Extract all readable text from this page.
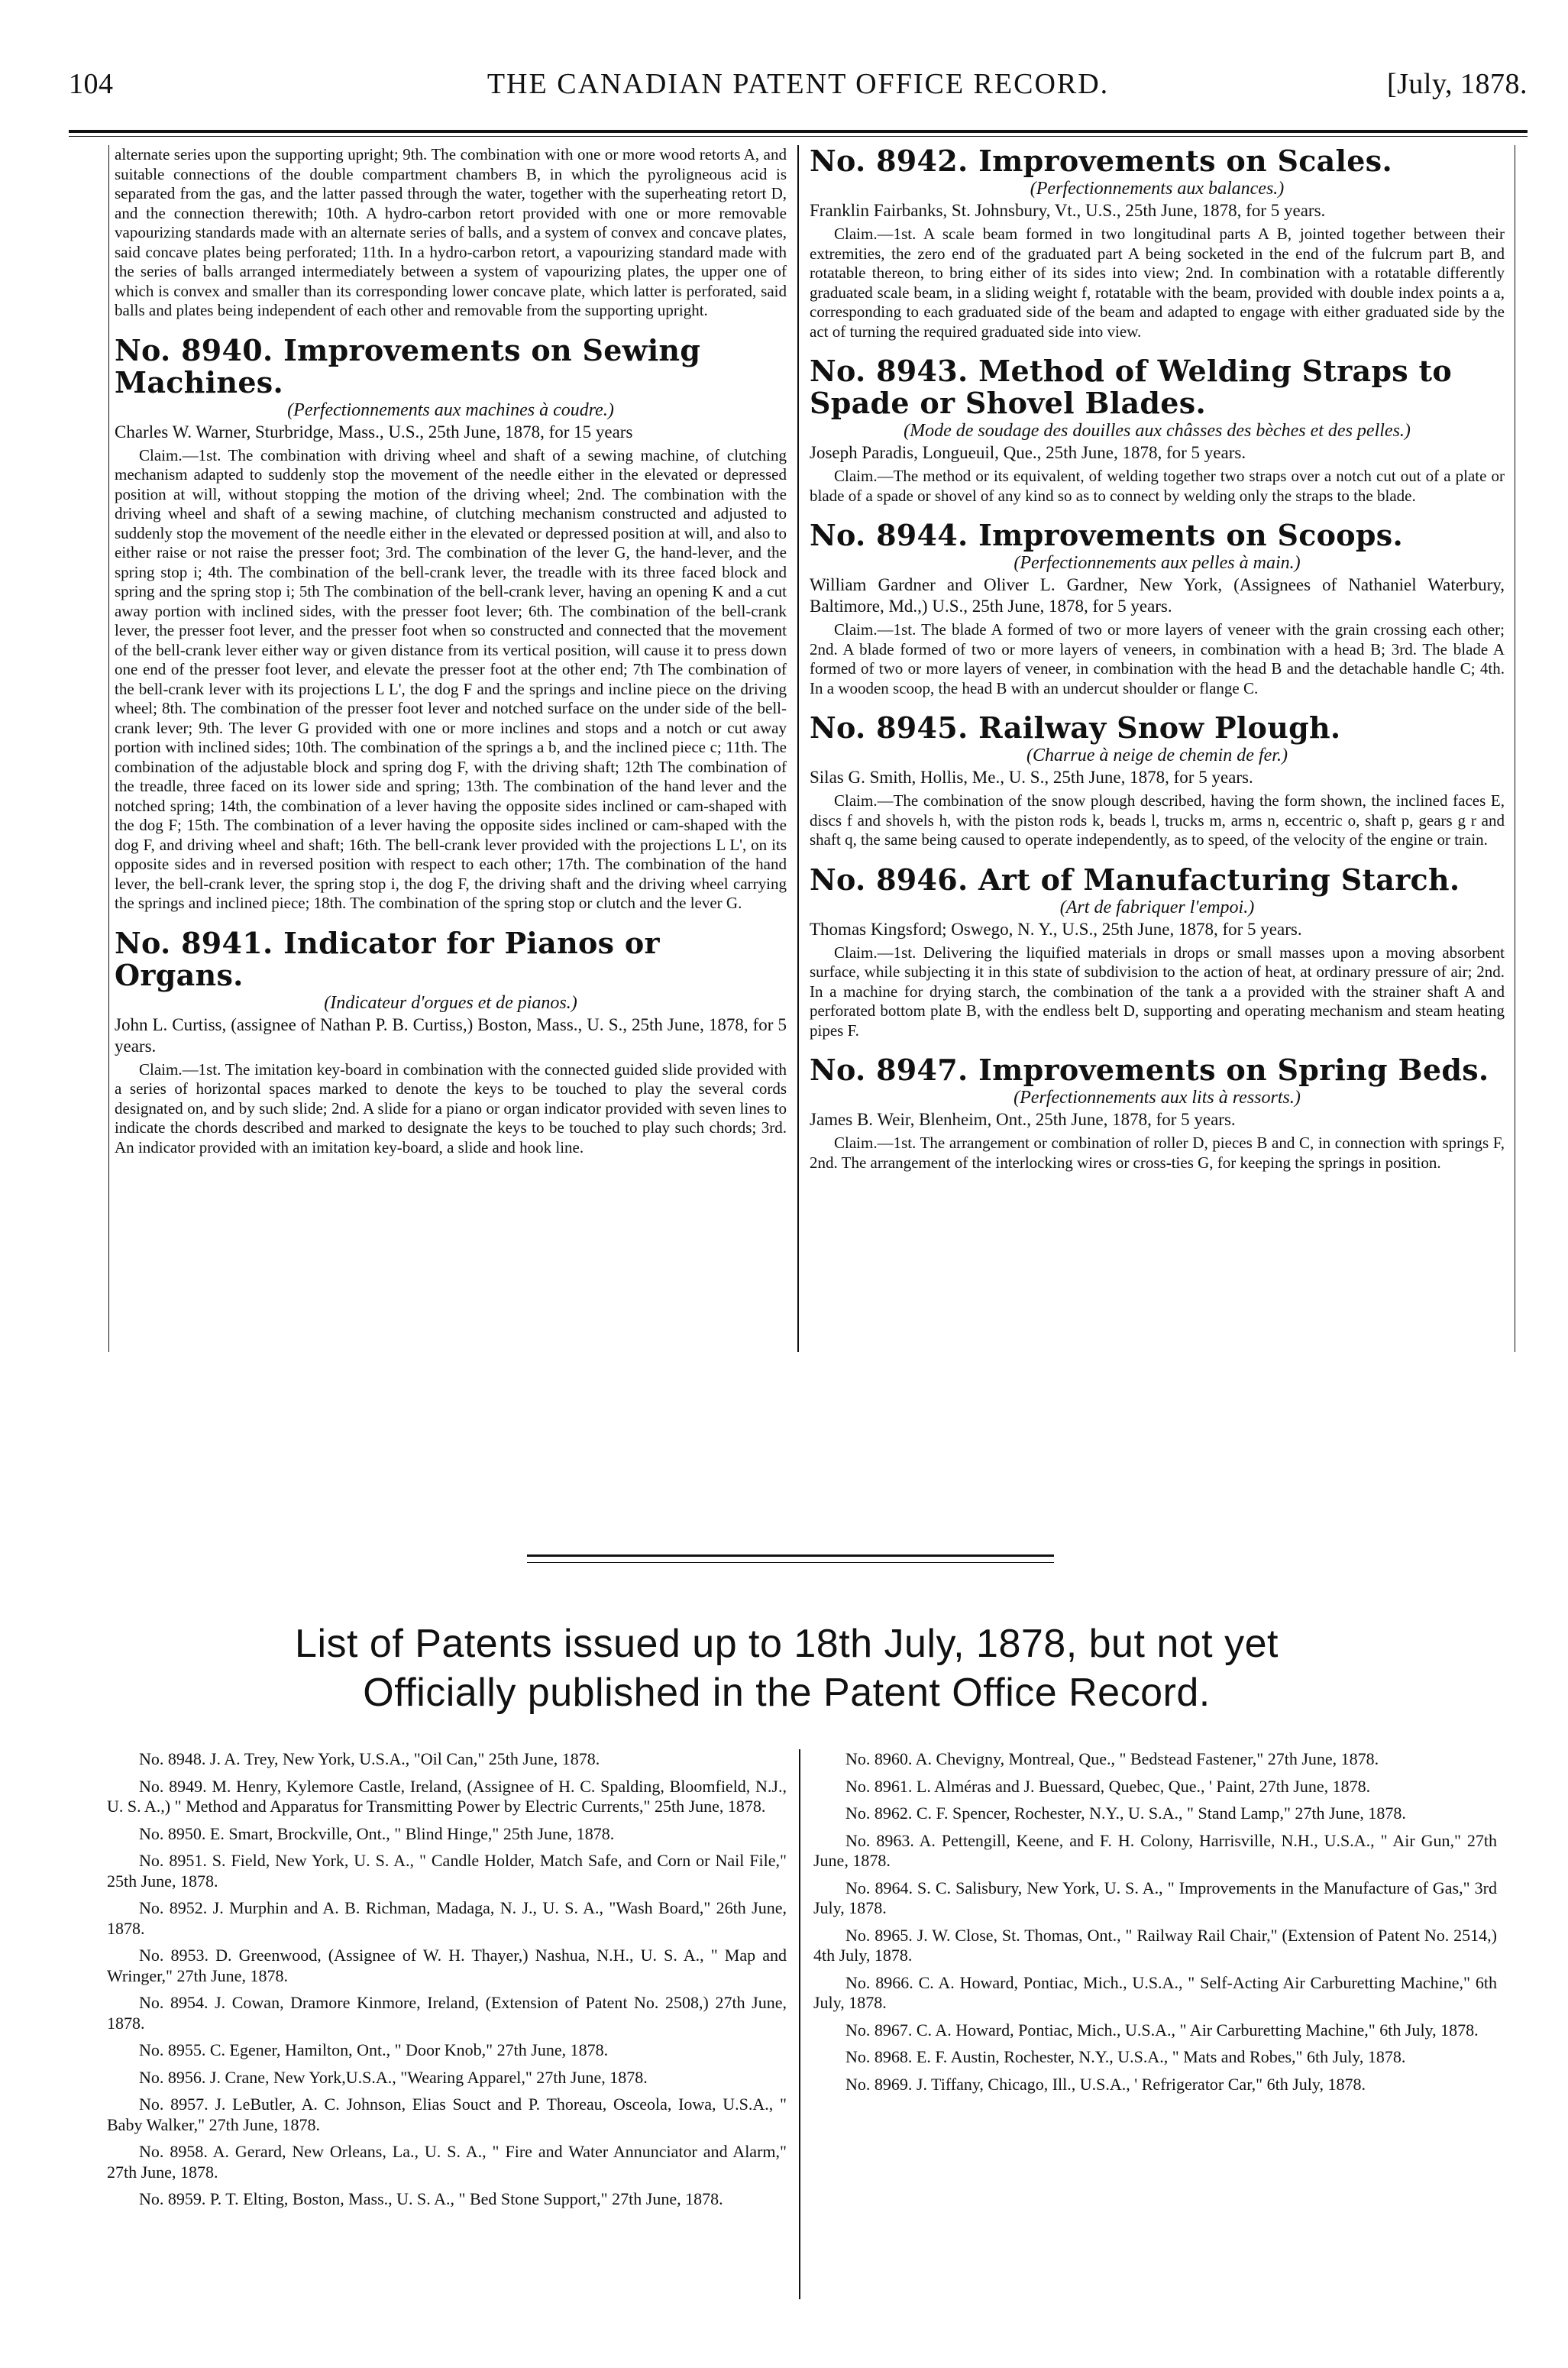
104	THE CANADIAN PATENT OFFICE RECORD.	[July, 1878.

alternate series upon the supporting upright; 9th. The combination with one or more wood retorts A, and suitable connections of the double compartment chambers B, in which the pyroligneous acid is separated from the gas, and the latter passed through the water, together with the superheating retort D, and the connection therewith; 10th. A hydro-carbon retort provided with one or more removable vapourizing standards made with an alternate series of balls, and a system of convex and concave plates, said concave plates being perforated; 11th. In a hydro-carbon retort, a vapourizing standard made with the series of balls arranged intermediately between a system of vapourizing plates, the upper one of which is convex and smaller than its corresponding lower concave plate, which latter is perforated, said balls and plates being independent of each other and removable from the supporting upright.

No. 8940. Improvements on Sewing Machines.
(Perfectionnements aux machines à coudre.)
Charles W. Warner, Sturbridge, Mass., U.S., 25th June, 1878, for 15 years

Claim.—1st. The combination with driving wheel and shaft of a sewing machine, of clutching mechanism adapted to suddenly stop the movement of the needle either in the elevated or depressed position at will, without stopping the motion of the driving wheel; 2nd. The combination with the driving wheel and shaft of a sewing machine, of clutching mechanism constructed and adjusted to suddenly stop the movement of the needle either in the elevated or depressed position at will, and also to either raise or not raise the presser foot; 3rd. The combination of the lever G, the hand-lever, and the spring stop i; 4th. The combination of the bell-crank lever, the treadle with its three faced block and spring and the spring stop i; 5th The combination of the bell-crank lever, having an opening K and a cut away portion with inclined sides, with the presser foot lever; 6th. The combination of the bell-crank lever, the presser foot lever, and the presser foot when so constructed and connected that the movement of the bell-crank lever either way or given distance from its vertical position, will cause it to press down one end of the presser foot lever, and elevate the presser foot at the other end; 7th The combination of the bell-crank lever with its projections L L', the dog F and the springs and incline piece on the driving wheel; 8th. The combination of the presser foot lever and notched surface on the under side of the bell-crank lever; 9th. The lever G provided with one or more inclines and stops and a notch or cut away portion with inclined sides; 10th. The combination of the springs a b, and the inclined piece c; 11th. The combination of the adjustable block and spring dog F, with the driving shaft; 12th The combination of the treadle, three faced on its lower side and spring; 13th. The combination of the hand lever and the notched spring; 14th, the combination of a lever having the opposite sides inclined or cam-shaped with the dog F; 15th. The combination of a lever having the opposite sides inclined or cam-shaped with the dog F, and driving wheel and shaft; 16th. The bell-crank lever provided with the projections L L', on its opposite sides and in reversed position with respect to each other; 17th. The combination of the hand lever, the bell-crank lever, the spring stop i, the dog F, the driving shaft and the driving wheel carrying the springs and inclined piece; 18th. The combination of the spring stop or clutch and the lever G.

No. 8941. Indicator for Pianos or Organs.
(Indicateur d'orgues et de pianos.)
John L. Curtiss, (assignee of Nathan P. B. Curtiss,) Boston, Mass., U. S., 25th June, 1878, for 5 years.

Claim.—1st. The imitation key-board in combination with the connected guided slide provided with a series of horizontal spaces marked to denote the keys to be touched to play the several cords designated on, and by such slide; 2nd. A slide for a piano or organ indicator provided with seven lines to indicate the chords described and marked to designate the keys to be touched to play such chords; 3rd. An indicator provided with an imitation key-board, a slide and hook line.

No. 8942. Improvements on Scales.
(Perfectionnements aux balances.)
Franklin Fairbanks, St. Johnsbury, Vt., U.S., 25th June, 1878, for 5 years.

Claim.—1st. A scale beam formed in two longitudinal parts A B, jointed together between their extremities, the zero end of the graduated part A being socketed in the end of the fulcrum part B, and rotatable thereon, to bring either of its sides into view; 2nd. In combination with a rotatable differently graduated scale beam, in a sliding weight f, rotatable with the beam, provided with double index points a a, corresponding to each graduated side of the beam and adapted to engage with either graduated side by the act of turning the required graduated side into view.

No. 8943. Method of Welding Straps to Spade or Shovel Blades.
(Mode de soudage des douilles aux châsses des bèches et des pelles.)
Joseph Paradis, Longueuil, Que., 25th June, 1878, for 5 years.

Claim.—The method or its equivalent, of welding together two straps over a notch cut out of a plate or blade of a spade or shovel of any kind so as to connect by welding only the straps to the blade.

No. 8944. Improvements on Scoops.
(Perfectionnements aux pelles à main.)
William Gardner and Oliver L. Gardner, New York, (Assignees of Nathaniel Waterbury, Baltimore, Md.,) U.S., 25th June, 1878, for 5 years.

Claim.—1st. The blade A formed of two or more layers of veneer with the grain crossing each other; 2nd. A blade formed of two or more layers of veneers, in combination with a head B; 3rd. The blade A formed of two or more layers of veneer, in combination with the head B and the detachable handle C; 4th. In a wooden scoop, the head B with an undercut shoulder or flange C.

No. 8945. Railway Snow Plough.
(Charrue à neige de chemin de fer.)
Silas G. Smith, Hollis, Me., U. S., 25th June, 1878, for 5 years.

Claim.—The combination of the snow plough described, having the form shown, the inclined faces E, discs f and shovels h, with the piston rods k, beads l, trucks m, arms n, eccentric o, shaft p, gears g r and shaft q, the same being caused to operate independently, as to speed, of the velocity of the engine or train.

No. 8946. Art of Manufacturing Starch.
(Art de fabriquer l'empoi.)
Thomas Kingsford; Oswego, N. Y., U.S., 25th June, 1878, for 5 years.

Claim.—1st. Delivering the liquified materials in drops or small masses upon a moving absorbent surface, while subjecting it in this state of subdivision to the action of heat, at ordinary pressure of air; 2nd. In a machine for drying starch, the combination of the tank a a provided with the strainer shaft A and perforated bottom plate B, with the endless belt D, supporting and operating mechanism and steam heating pipes F.

No. 8947. Improvements on Spring Beds.
(Perfectionnements aux lits à ressorts.)
James B. Weir, Blenheim, Ont., 25th June, 1878, for 5 years.

Claim.—1st. The arrangement or combination of roller D, pieces B and C, in connection with springs F, 2nd. The arrangement of the interlocking wires or cross-ties G, for keeping the springs in position.

List of Patents issued up to 18th July, 1878, but not yet
Officially published in the Patent Office Record.
No. 8948. J. A. Trey, New York, U.S.A., "Oil Can," 25th June, 1878.
No. 8949. M. Henry, Kylemore Castle, Ireland, (Assignee of H. C. Spalding, Bloomfield, N.J., U. S. A.,) " Method and Apparatus for Transmitting Power by Electric Currents," 25th June, 1878.
No. 8950. E. Smart, Brockville, Ont., " Blind Hinge," 25th June, 1878.
No. 8951. S. Field, New York, U. S. A., " Candle Holder, Match Safe, and Corn or Nail File," 25th June, 1878.
No. 8952. J. Murphin and A. B. Richman, Madaga, N. J., U. S. A., "Wash Board," 26th June, 1878.
No. 8953. D. Greenwood, (Assignee of W. H. Thayer,) Nashua, N.H., U. S. A., " Map and Wringer," 27th June, 1878.
No. 8954. J. Cowan, Dramore Kinmore, Ireland, (Extension of Patent No. 2508,) 27th June, 1878.
No. 8955. C. Egener, Hamilton, Ont., " Door Knob," 27th June, 1878.
No. 8956. J. Crane, New York,U.S.A., "Wearing Apparel," 27th June, 1878.
No. 8957. J. LeButler, A. C. Johnson, Elias Souct and P. Thoreau, Osceola, Iowa, U.S.A., " Baby Walker," 27th June, 1878.
No. 8958. A. Gerard, New Orleans, La., U. S. A., " Fire and Water Annunciator and Alarm," 27th June, 1878.
No. 8959. P. T. Elting, Boston, Mass., U. S. A., " Bed Stone Support," 27th June, 1878.
No. 8960. A. Chevigny, Montreal, Que., " Bedstead Fastener," 27th June, 1878.
No. 8961. L. Alméras and J. Buessard, Quebec, Que., ' Paint, 27th June, 1878.
No. 8962. C. F. Spencer, Rochester, N.Y., U. S.A., " Stand Lamp," 27th June, 1878.
No. 8963. A. Pettengill, Keene, and F. H. Colony, Harrisville, N.H., U.S.A., " Air Gun," 27th June, 1878.
No. 8964. S. C. Salisbury, New York, U. S. A., " Improvements in the Manufacture of Gas," 3rd July, 1878.
No. 8965. J. W. Close, St. Thomas, Ont., " Railway Rail Chair," (Extension of Patent No. 2514,) 4th July, 1878.
No. 8966. C. A. Howard, Pontiac, Mich., U.S.A., " Self-Acting Air Carburetting Machine," 6th July, 1878.
No. 8967. C. A. Howard, Pontiac, Mich., U.S.A., " Air Carburetting Machine," 6th July, 1878.
No. 8968. E. F. Austin, Rochester, N.Y., U.S.A., " Mats and Robes," 6th July, 1878.
No. 8969. J. Tiffany, Chicago, Ill., U.S.A., ' Refrigerator Car," 6th July, 1878.
